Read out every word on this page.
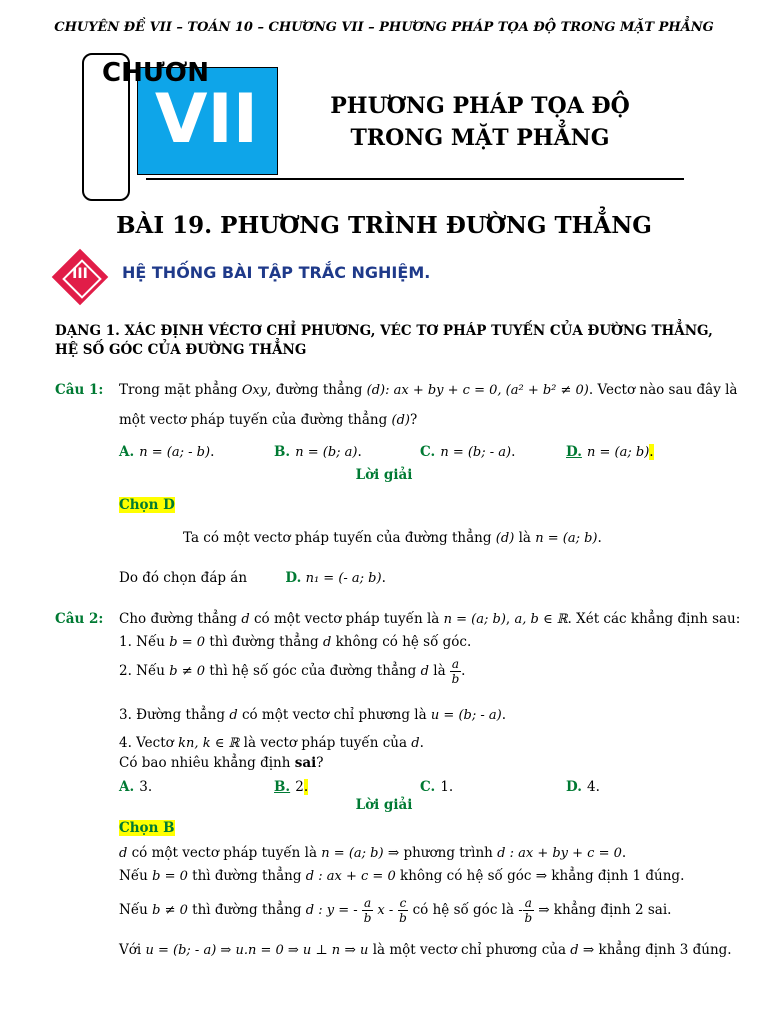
CHUYÊN ĐỀ VII – TOÁN 10 – CHƯƠNG VII – PHƯƠNG PHÁP TỌA ĐỘ TRONG MẶT PHẲNG
CHƯƠN
VII	PHƯƠNG PHÁP TỌA ĐỘ
TRONG MẶT PHẲNG
BÀI 19. PHƯƠNG TRÌNH ĐƯỜNG THẲNG
III	HỆ THỐNG BÀI TẬP TRẮC NGHIỆM.
DẠNG 1. XÁC ĐỊNH VÉCTƠ CHỈ PHƯƠNG, VÉC TƠ PHÁP TUYẾN CỦA ĐƯỜNG THẲNG,
HỆ SỐ GÓC CỦA ĐƯỜNG THẲNG
Câu 1: Trong mặt phẳng Oxy, đường thẳng (d): ax + by + c = 0, (a² + b² ≠ 0). Vectơ nào sau đây là
một vectơ pháp tuyến của đường thẳng (d)?
A. n = (a; - b).	B. n = (b; a).	C. n = (b; - a).	D. n = (a; b).
Lời giải
Chọn D
Ta có một vectơ pháp tuyến của đường thẳng (d) là n = (a; b).
Do đó chọn đáp án	D. n₁ = (- a; b).
Câu 2: Cho đường thẳng d có một vectơ pháp tuyến là n = (a; b), a, b ∈ ℝ. Xét các khẳng định sau:
1. Nếu b = 0 thì đường thẳng d không có hệ số góc.
2. Nếu b ≠ 0 thì hệ số góc của đường thẳng d là $\frac{a}{b}$ .
3. Đường thẳng d có một vectơ chỉ phương là u = (b; - a).
4. Vectơ kn, k ∈ ℝ là vectơ pháp tuyến của d.
Có bao nhiêu khẳng định sai?
A. 3.	B. 2.	C. 1.	D. 4.
Lời giải
Chọn B
d có một vectơ pháp tuyến là n = (a; b) ⇒ phương trình d : ax + by + c = 0.
Nếu b = 0 thì đường thẳng d : ax + c = 0 không có hệ số góc ⇒ khẳng định 1 đúng.
Nếu b ≠ 0 thì đường thẳng d : y = - $\frac{a}{b}$ x - $\frac{c}{b}$ có hệ số góc là - $\frac{a}{b}$ ⇒ khẳng định 2 sai.
Với u = (b; - a) ⇒ u.n = 0 ⇒ u ⊥ n ⇒ u là một vectơ chỉ phương của d ⇒ khẳng định 3 đúng.
